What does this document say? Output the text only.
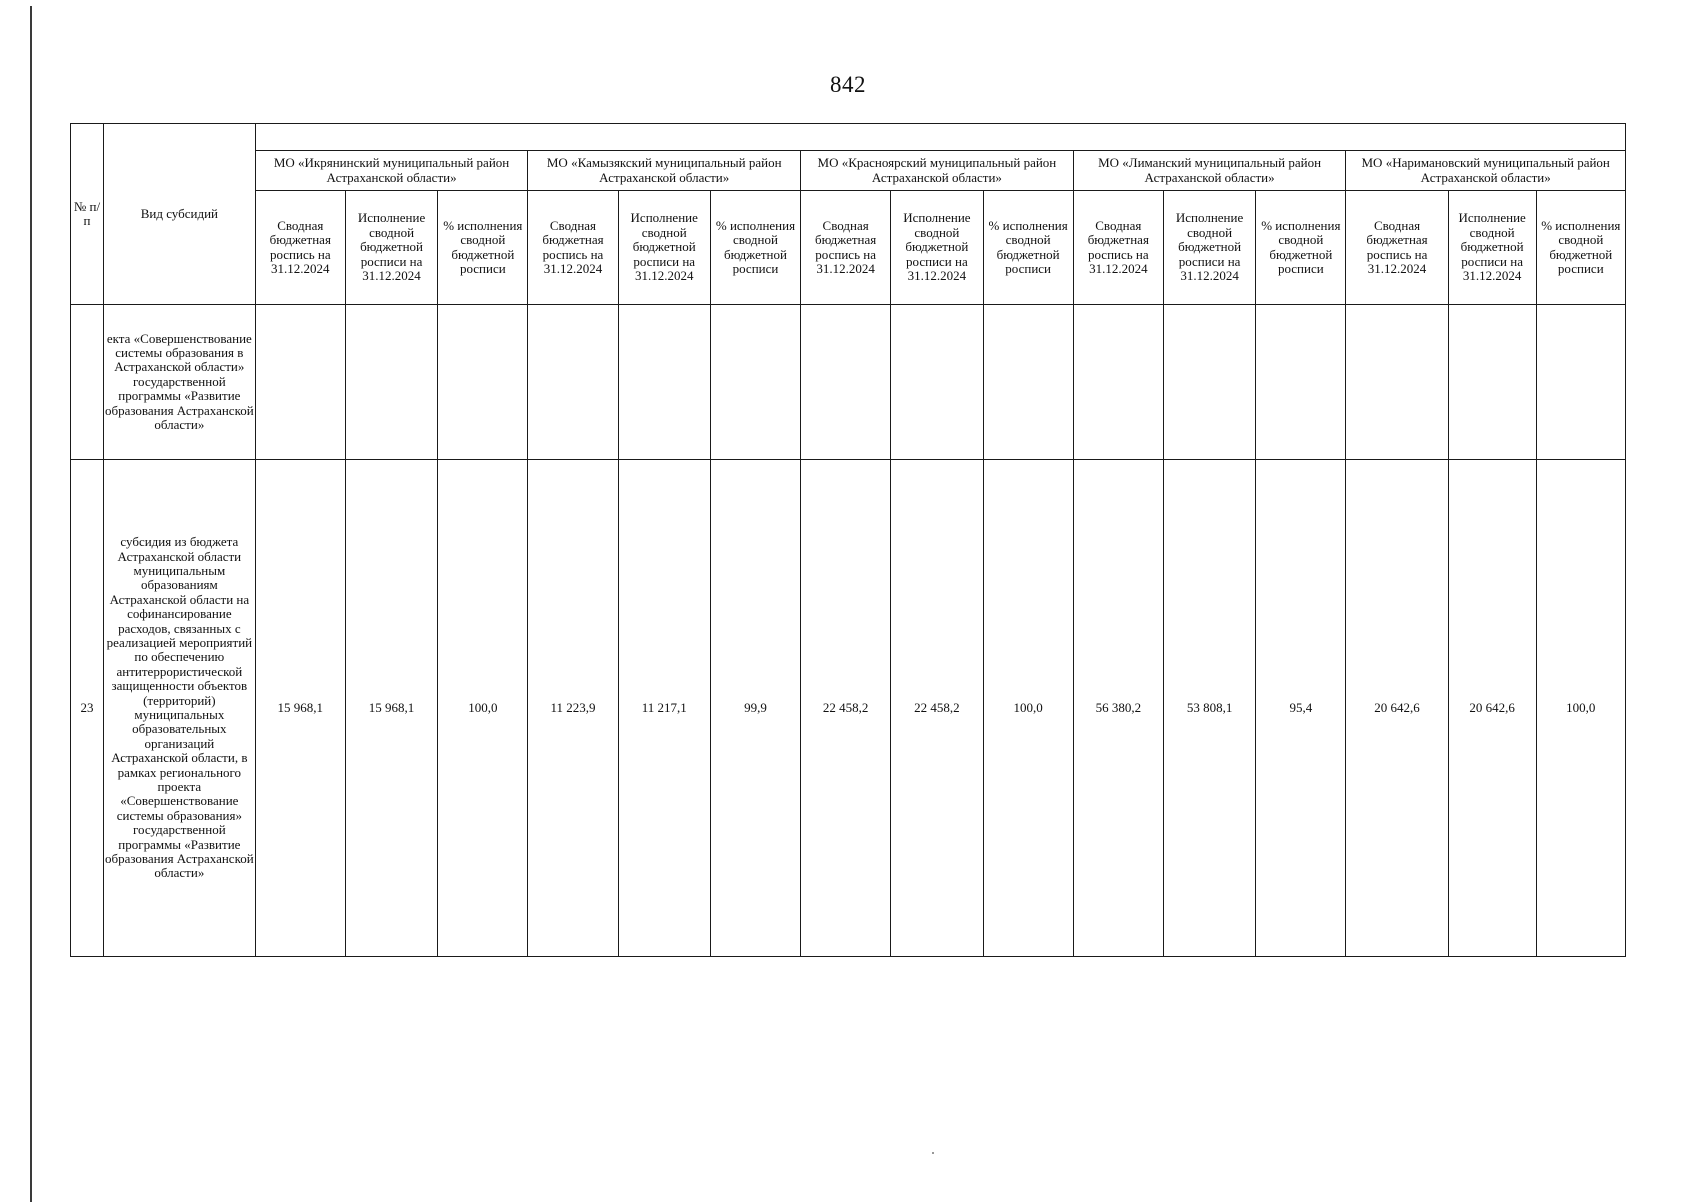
842
№ п/п	Вид субсидий															
		МО «Икрянинский муниципальный район Астраханской области»			МО «Камызякский муниципальный район Астраханской области»			МО «Красноярский муниципальный район Астраханской области»			МО «Лиманский муниципальный район Астраханской области»			МО «Наримановский муниципальный район Астраханской области»		
		Сводная бюджетная роспись на 31.12.2024	Исполнение сводной бюджетной росписи на 31.12.2024	% исполнения сводной бюджетной росписи	Сводная бюджетная роспись на 31.12.2024	Исполнение сводной бюджетной росписи на 31.12.2024	% исполнения сводной бюджетной росписи	Сводная бюджетная роспись на 31.12.2024	Исполнение сводной бюджетной росписи на 31.12.2024	% исполнения сводной бюджетной росписи	Сводная бюджетная роспись на 31.12.2024	Исполнение сводной бюджетной росписи на 31.12.2024	% исполнения сводной бюджетной росписи	Сводная бюджетная роспись на 31.12.2024	Исполнение сводной бюджетной росписи на 31.12.2024	% исполнения сводной бюджетной росписи
	екта «Совершенствование системы образования в Астраханской области» государственной программы «Развитие образования Астраханской области»															
23	субсидия из бюджета Астраханской области муниципальным образованиям Астраханской области на софинансирование расходов, связанных с реализацией мероприятий по обеспечению антитеррористической защищенности объектов (территорий) муниципальных образовательных организаций Астраханской области, в рамках регионального проекта «Совершенствование системы образования» государственной программы «Развитие образования Астраханской области»	15 968,1	15 968,1	100,0	11 223,9	11 217,1	99,9	22 458,2	22 458,2	100,0	56 380,2	53 808,1	95,4	20 642,6	20 642,6	100,0
